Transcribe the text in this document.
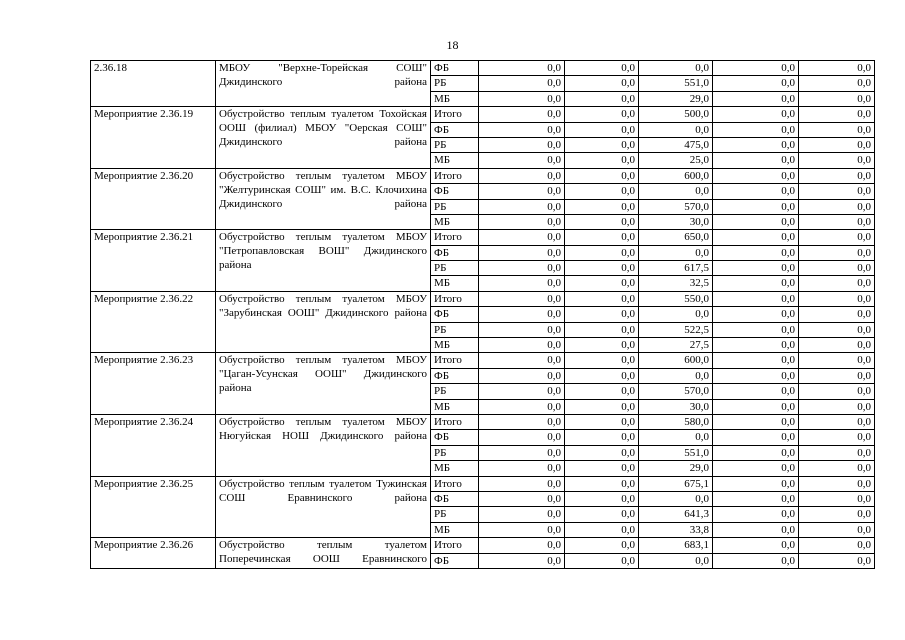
18
2.36.18	МБОУ "Верхне-Торейская СОШ" Джидинского района	ФБ	0,0	0,0	0,0	0,0	0,0
		РБ	0,0	0,0	551,0	0,0	0,0
		МБ	0,0	0,0	29,0	0,0	0,0
Мероприятие 2.36.19	Обустройство теплым туалетом Тохойская ООШ (филиал) МБОУ "Оерская СОШ" Джидинского района	Итого	0,0	0,0	500,0	0,0	0,0
		ФБ	0,0	0,0	0,0	0,0	0,0
		РБ	0,0	0,0	475,0	0,0	0,0
		МБ	0,0	0,0	25,0	0,0	0,0
Мероприятие 2.36.20	Обустройство теплым туалетом МБОУ "Желтуринская СОШ" им. В.С. Клочихина Джидинского района	Итого	0,0	0,0	600,0	0,0	0,0
		ФБ	0,0	0,0	0,0	0,0	0,0
		РБ	0,0	0,0	570,0	0,0	0,0
		МБ	0,0	0,0	30,0	0,0	0,0
Мероприятие 2.36.21	Обустройство теплым туалетом МБОУ "Петропавловская ВОШ" Джидинского района	Итого	0,0	0,0	650,0	0,0	0,0
		ФБ	0,0	0,0	0,0	0,0	0,0
		РБ	0,0	0,0	617,5	0,0	0,0
		МБ	0,0	0,0	32,5	0,0	0,0
Мероприятие 2.36.22	Обустройство теплым туалетом МБОУ "Зарубинская ООШ" Джидинского района	Итого	0,0	0,0	550,0	0,0	0,0
		ФБ	0,0	0,0	0,0	0,0	0,0
		РБ	0,0	0,0	522,5	0,0	0,0
		МБ	0,0	0,0	27,5	0,0	0,0
Мероприятие 2.36.23	Обустройство теплым туалетом МБОУ "Цаган-Усунская ООШ" Джидинского района	Итого	0,0	0,0	600,0	0,0	0,0
		ФБ	0,0	0,0	0,0	0,0	0,0
		РБ	0,0	0,0	570,0	0,0	0,0
		МБ	0,0	0,0	30,0	0,0	0,0
Мероприятие 2.36.24	Обустройство теплым туалетом МБОУ Нюгуйская НОШ Джидинского района	Итого	0,0	0,0	580,0	0,0	0,0
		ФБ	0,0	0,0	0,0	0,0	0,0
		РБ	0,0	0,0	551,0	0,0	0,0
		МБ	0,0	0,0	29,0	0,0	0,0
Мероприятие 2.36.25	Обустройство теплым туалетом Тужинская СОШ Еравнинского района	Итого	0,0	0,0	675,1	0,0	0,0
		ФБ	0,0	0,0	0,0	0,0	0,0
		РБ	0,0	0,0	641,3	0,0	0,0
		МБ	0,0	0,0	33,8	0,0	0,0
Мероприятие 2.36.26	Обустройство теплым туалетом Поперечинская ООШ Еравнинского	Итого	0,0	0,0	683,1	0,0	0,0
		ФБ	0,0	0,0	0,0	0,0	0,0
